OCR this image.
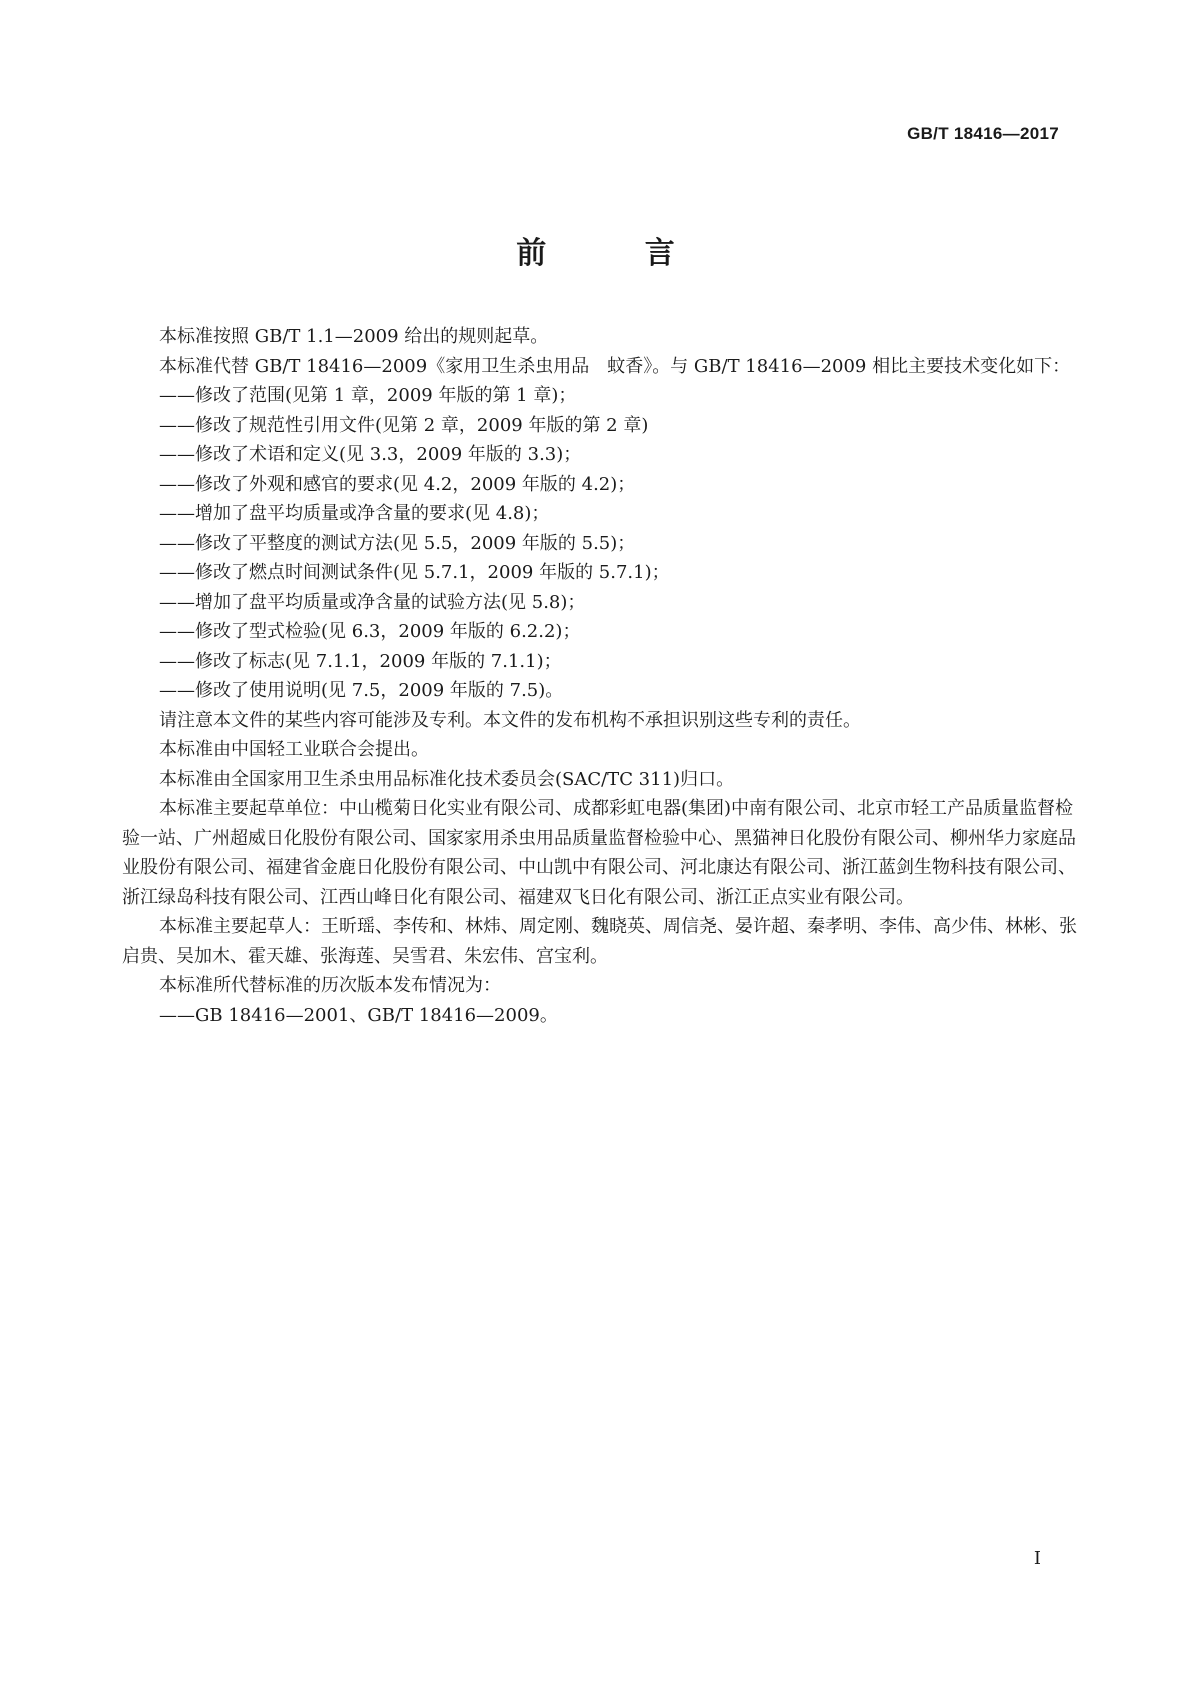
GB/T 18416—2017
前 言

本标准按照 GB/T 1.1—2009 给出的规则起草。

本标准代替 GB/T 18416—2009《家用卫生杀虫用品　蚊香》。与 GB/T 18416—2009 相比主要技术变化如下：

——修改了范围(见第 1 章，2009 年版的第 1 章)；

——修改了规范性引用文件(见第 2 章，2009 年版的第 2 章)

——修改了术语和定义(见 3.3，2009 年版的 3.3)；

——修改了外观和感官的要求(见 4.2，2009 年版的 4.2)；

——增加了盘平均质量或净含量的要求(见 4.8)；

——修改了平整度的测试方法(见 5.5，2009 年版的 5.5)；

——修改了燃点时间测试条件(见 5.7.1，2009 年版的 5.7.1)；

——增加了盘平均质量或净含量的试验方法(见 5.8)；

——修改了型式检验(见 6.3，2009 年版的 6.2.2)；

——修改了标志(见 7.1.1，2009 年版的 7.1.1)；

——修改了使用说明(见 7.5，2009 年版的 7.5)。

请注意本文件的某些内容可能涉及专利。本文件的发布机构不承担识别这些专利的责任。

本标准由中国轻工业联合会提出。

本标准由全国家用卫生杀虫用品标准化技术委员会(SAC/TC 311)归口。

本标准主要起草单位：中山榄菊日化实业有限公司、成都彩虹电器(集团)中南有限公司、北京市轻工产品质量监督检验一站、广州超威日化股份有限公司、国家家用杀虫用品质量监督检验中心、黑猫神日化股份有限公司、柳州华力家庭品业股份有限公司、福建省金鹿日化股份有限公司、中山凯中有限公司、河北康达有限公司、浙江蓝剑生物科技有限公司、浙江绿岛科技有限公司、江西山峰日化有限公司、福建双飞日化有限公司、浙江正点实业有限公司。

本标准主要起草人：王昕瑶、李传和、林炜、周定刚、魏晓英、周信尧、晏许超、秦孝明、李伟、高少伟、林彬、张启贵、吴加木、霍天雄、张海莲、吴雪君、朱宏伟、宫宝利。

本标准所代替标准的历次版本发布情况为：

——GB 18416—2001、GB/T 18416—2009。

I
